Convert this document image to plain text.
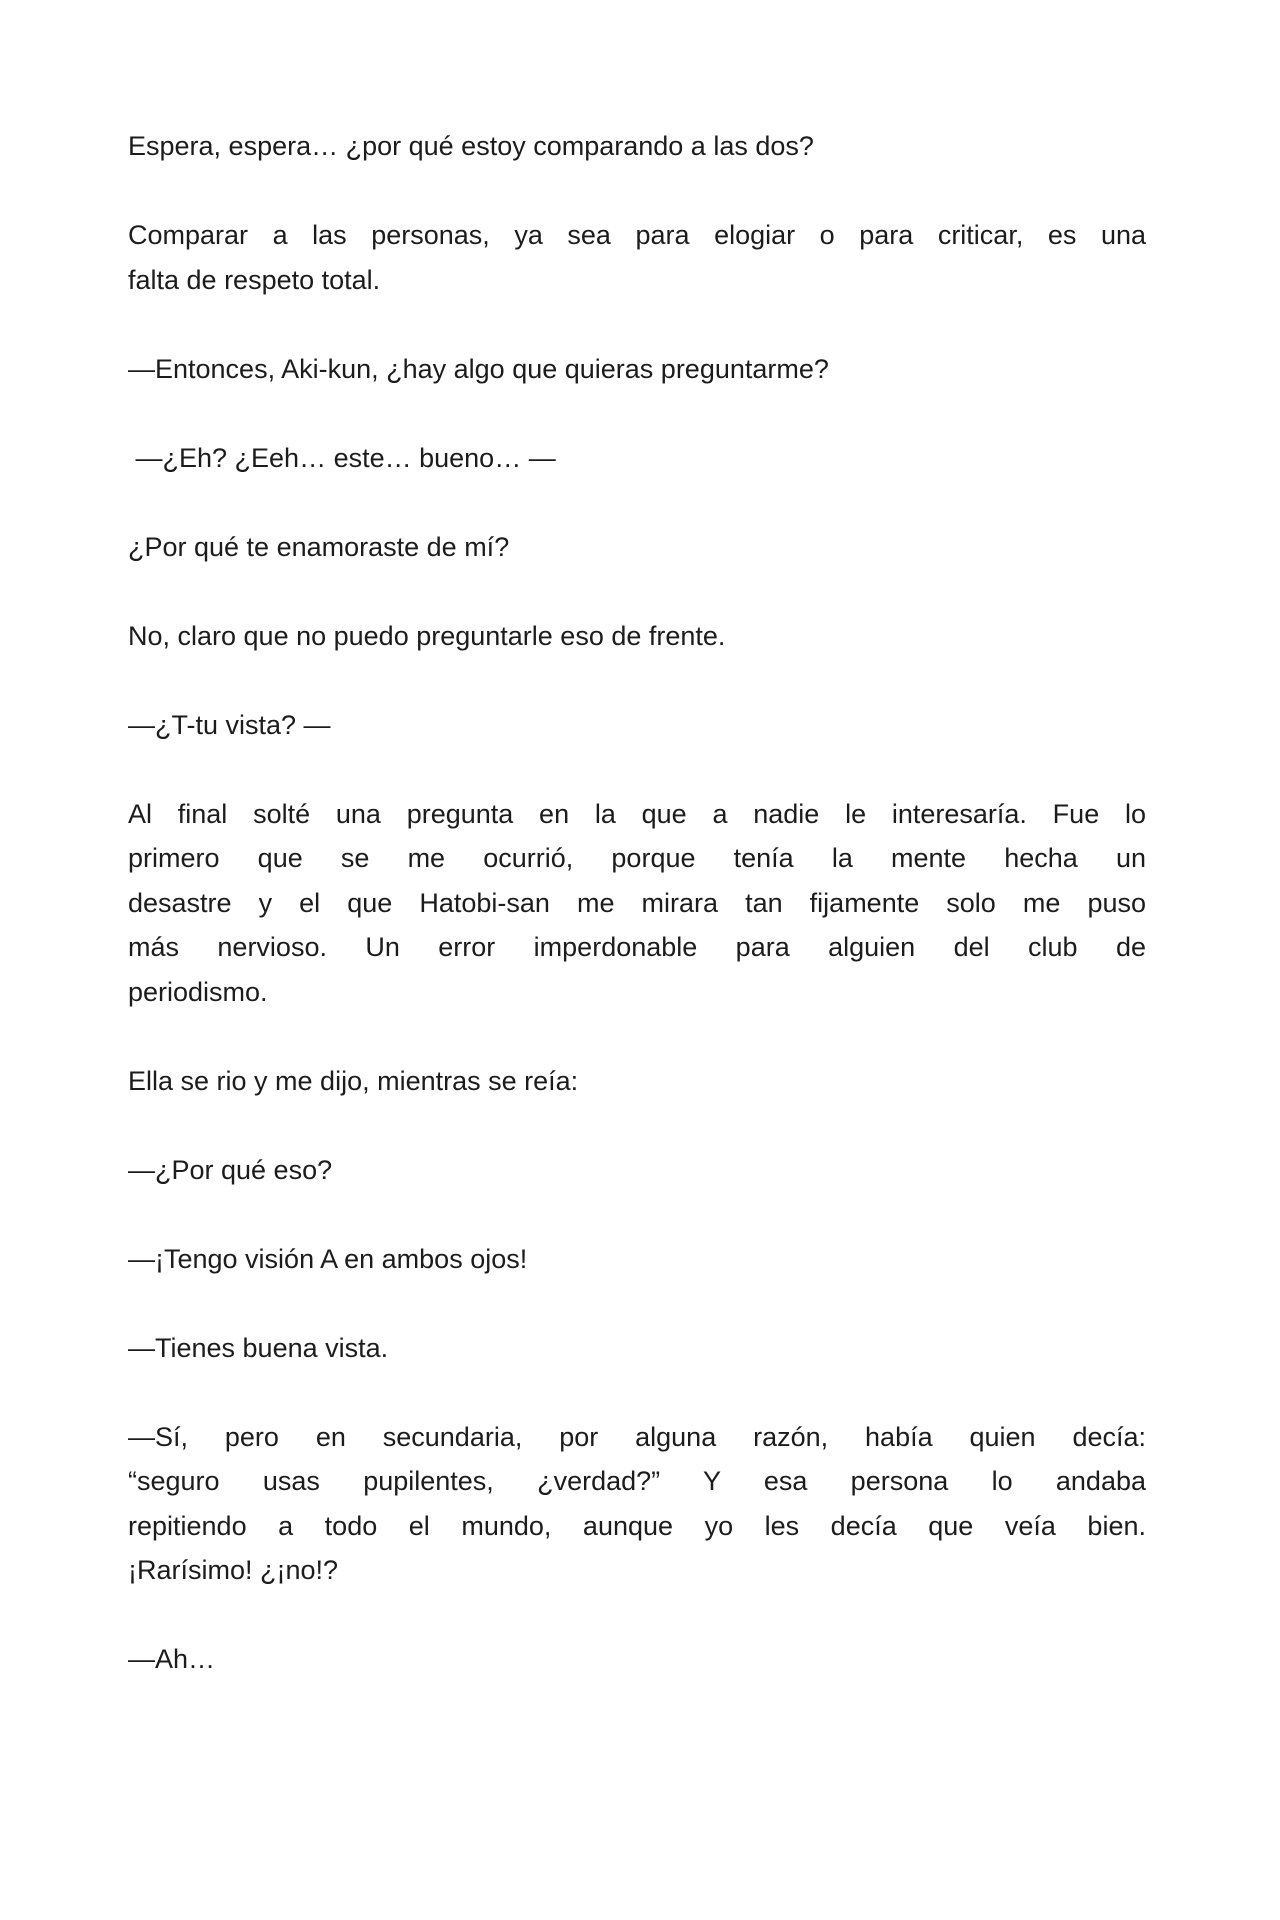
Espera, espera… ¿por qué estoy comparando a las dos?
Comparar a las personas, ya sea para elogiar o para criticar, es una
falta de respeto total.
—Entonces, Aki-kun, ¿hay algo que quieras preguntarme?
—¿Eh? ¿Eeh… este… bueno… —
¿Por qué te enamoraste de mí?
No, claro que no puedo preguntarle eso de frente.
—¿T-tu vista? —
Al final solté una pregunta en la que a nadie le interesaría. Fue lo
primero que se me ocurrió, porque tenía la mente hecha un
desastre y el que Hatobi-san me mirara tan fijamente solo me puso
más nervioso. Un error imperdonable para alguien del club de
periodismo.
Ella se rio y me dijo, mientras se reía:
—¿Por qué eso?
—¡Tengo visión A en ambos ojos!
—Tienes buena vista.
—Sí, pero en secundaria, por alguna razón, había quien decía:
“seguro usas pupilentes, ¿verdad?” Y esa persona lo andaba
repitiendo a todo el mundo, aunque yo les decía que veía bien.
¡Rarísimo! ¿¡no!?
—Ah…
